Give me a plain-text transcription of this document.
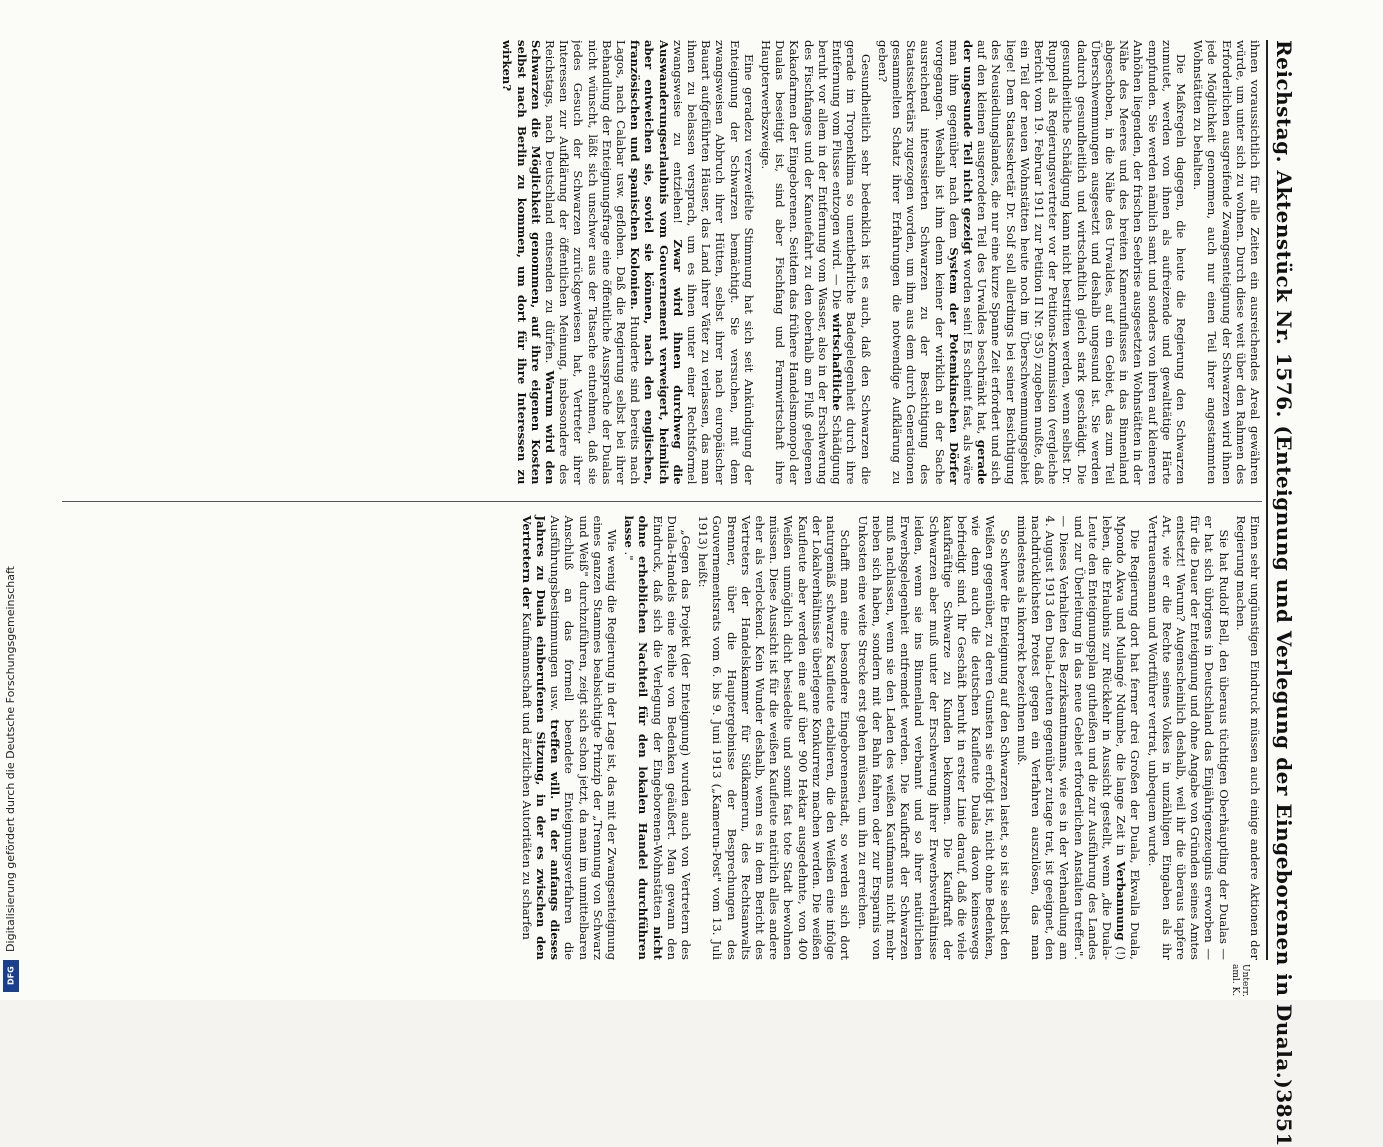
DFG
Digitalisierung gefördert durch die Deutsche Forschungsgemeinschaft	Reichstag. Aktenstück Nr. 1576. (Enteignung und Verlegung der Eingeborenen in Duala.)
3851

ihnen voraussichtlich für alle Zeiten ein ausreichendes Areal gewähren würde, um unter sich zu wohnen. Durch diese weit über den Rahmen des Erforderlichen ausgreifende Zwangsenteignung der Schwarzen wird ihnen jede Möglichkeit genommen, auch nur einen Teil ihrer angestammten Wohnstätten zu behalten.

Die Maßregeln dagegen, die heute die Regierung den Schwarzen zumutet, werden von ihnen als aufreizende und gewalttätige Härte empfunden. Sie werden nämlich samt und sonders von ihren auf kleineren Anhöhen liegenden, der frischen Seebrise ausgesetzten Wohnstätten in der Nähe des Meeres und des breiten Kamerunflusses in das Binnenland abgeschoben, in die Nähe des Urwaldes, auf ein Gebiet, das zum Teil Überschwemmungen ausgesetzt und deshalb ungesund ist. Sie werden dadurch gesundheitlich und wirtschaftlich gleich stark geschädigt. Die gesundheitliche Schädigung kann nicht bestritten werden, wenn selbst Dr. Ruppel als Regierungsvertreter vor der Petitions-Kommission (vergleiche Bericht vom 19. Februar 1911 zur Petition II Nr. 935) zugeben mußte, daß ein Teil der neuen Wohnstätten heute noch im Überschwemmungsgebiet liege! Dem Staatssekretär Dr. Solf soll allerdings bei seiner Besichtigung des Neusiedlungslandes, die nur eine kurze Spanne Zeit erfordert und sich auf den kleinen ausgerodeten Teil des Urwaldes beschränkt hat, gerade der ungesunde Teil nicht gezeigt worden sein! Es scheint fast, als wäre man ihm gegenüber nach dem System der Potemkinschen Dörfer vorgegangen. Weshalb ist ihm denn keiner der wirklich an der Sache ausreichend interessierten Schwarzen zu der Besichtigung des Staatssekretärs zugezogen worden, um ihm aus dem durch Generationen gesammelten Schatz ihrer Erfahrungen die notwendige Aufklärung zu geben?

Gesundheitlich sehr bedenklich ist es auch, daß den Schwarzen die gerade im Tropenklima so unentbehrliche Badegelegenheit durch ihre Entfernung vom Flusse entzogen wird. — Die wirtschaftliche Schädigung beruht vor allem in der Entfernung vom Wasser, also in der Erschwerung des Fischfanges und der Kanuefahrt zu den oberhalb am Fluß gelegenen Kakaofarmen der Eingeborenen. Seitdem das frühere Handelsmonopol der Dualas beseitigt ist, sind aber Fischfang und Farmwirtschaft ihre Haupterwerbszweige.

Eine geradezu verzweifelte Stimmung hat sich seit Ankündigung der Enteignung der Schwarzen bemächtigt. Sie versuchen, mit dem zwangsweisen Abbruch ihrer Hütten, selbst ihrer nach europäischer Bauart aufgeführten Häuser, das Land ihrer Väter zu verlassen, das man ihnen zu belassen versprach, um es ihnen unter einer Rechtsformel zwangsweise zu entziehen! Zwar wird ihnen durchweg die Auswanderungserlaubnis vom Gouvernement verweigert, heimlich aber entweichen sie, soviel sie können, nach den englischen, französischen und spanischen Kolonien. Hunderte sind bereits nach Lagos, nach Calabar usw. geflohen. Daß die Regierung selbst bei ihrer Behandlung der Enteignungsfrage eine öffentliche Aussprache der Dualas nicht wünscht, läßt sich unschwer aus der Tatsache entnehmen, daß sie jedes Gesuch der Schwarzen zurückgewiesen hat, Vertreter ihrer Interessen zur Aufklärung der öffentlichen Meinung, insbesondere des Reichstags, nach Deutschland entsenden zu dürfen. Warum wird den Schwarzen die Möglichkeit genommen, auf ihre eigenen Kosten selbst nach Berlin zu kommen, um dort für ihre Interessen zu wirken?

Einen sehr ungünstigen Eindruck müssen auch einige andere Aktionen der Regierung machen.

Sie hat Rudolf Bell, den überaus tüchtigen Oberhäuptling der Dualas — er hat sich übrigens in Deutschland das Einjährigenzeugnis erworben — für die Dauer der Enteignung und ohne Angabe von Gründen seines Amtes entsetzt! Warum? Augenscheinlich deshalb, weil ihr die überaus tapfere Art, wie er die Rechte seines Volkes in unzähligen Eingaben als ihr Vertrauensmann und Wortführer vertrat, unbequem wurde.

Die Regierung dort hat ferner drei Großen der Duala, Ekwalla Duala, Mpondo Akwa und Mulangé Ndumbe, die lange Zeit in Verbannung (!) leben, die Erlaubnis zur Rückkehr in Aussicht gestellt, wenn „die Duala-Leute den Enteignungsplan gutheißen und die zur Ausführung des Landes und zur Überleitung in das neue Gebiet erforderlichen Anstalten treffen". — Dieses Verhalten des Bezirksamtmanns, wie es in der Verhandlung am 4. August 1913 den Duala-Leuten gegenüber zutage trat, ist geeignet, den nachdrücklichsten Protest gegen ein Verfahren auszulösen, das man mindestens als inkorrekt bezeichnen muß.

So schwer die Enteignung auf den Schwarzen lastet, so ist sie selbst den Weißen gegenüber, zu deren Gunsten sie erfolgt ist, nicht ohne Bedenken, wie denn auch die deutschen Kaufleute Dualas davon keineswegs befriedigt sind. Ihr Geschäft beruht in erster Linie darauf, daß die viele kaufkräftige Schwarze zu Kunden bekommen. Die Kaufkraft der Schwarzen aber muß unter der Erschwerung ihrer Erwerbsverhältnisse leiden, wenn sie ins Binnenland verbannt und so ihrer natürlichen Erwerbsgelegenheit entfremdet werden. Die Kaufkraft der Schwarzen muß nachlassen, wenn sie den Laden des weißen Kaufmanns nicht mehr neben sich haben, sondern mit der Bahn fahren oder zur Ersparnis von Unkosten eine weite Strecke erst gehen müssen, um ihn zu erreichen.

Schafft man eine besondere Eingeborenenstadt, so werden sich dort naturgemäß schwarze Kaufleute etablieren, die den Weißen eine infolge der Lokalverhältnisse überlegene Konkurrenz machen werden. Die weißen Kaufleute aber werden eine auf über 900 Hektar ausgedehnte, von 400 Weißen unmöglich dicht besiedelte und somit fast tote Stadt bewohnen müssen. Diese Aussicht ist für die weißen Kaufleute natürlich alles andere eher als verlockend. Kein Wunder deshalb, wenn es in dem Bericht des Vertreters der Handelskammer für Südkamerun, des Rechtsanwalts Brenner, über die Hauptergebnisse der Besprechungen des Gouvernementsrats vom 6. bis 9. Juni 1913 („Kamerun-Post" vom 13. Juli 1913) heißt:

„Gegen das Projekt (der Enteignung) wurden auch von Vertretern des Duala-Handels eine Reihe von Bedenken geäußert. Man gewann den Eindruck, daß sich die Verlegung der Eingeborenen-Wohnstätten nicht ohne erheblichen Nachteil für den lokalen Handel durchführen lasse ."

Wie wenig die Regierung in der Lage ist, das mit der Zwangsenteignung eines ganzen Stammes beabsichtigte Prinzip der „Trennung von Schwarz und Weiß" durchzuführen, zeigt sich schon jetzt, da man im unmittelbaren Anschluß an das formell beendete Enteignungsverfahren die Ausführungsbestimmungen usw. treffen will. In der anfangs dieses Jahres zu Duala einberufenen Sitzung, in der es zwischen den Vertretern der Kaufmannschaft und ärztlichen Autoritäten zu scharfen

Unterr. aml. K.
